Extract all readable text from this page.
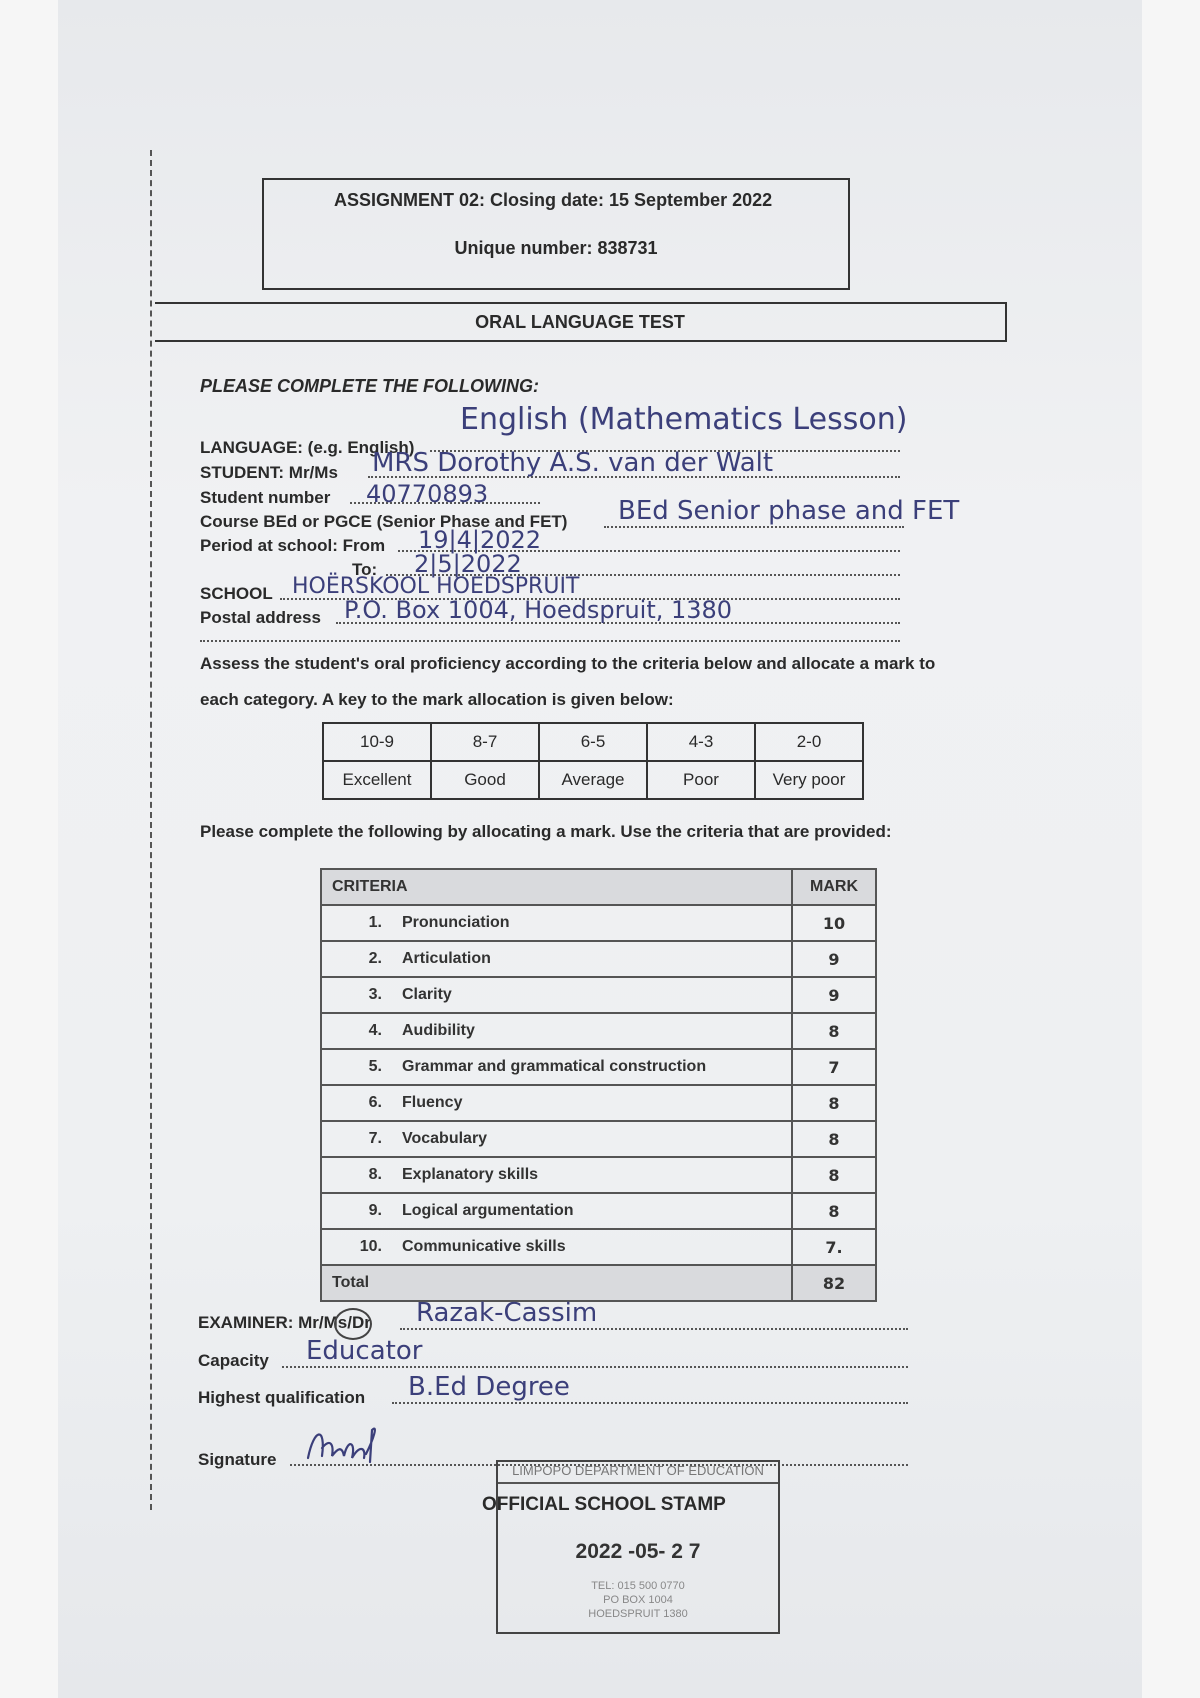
ASSIGNMENT 02: Closing date: 15 September 2022
Unique number: 838731
ORAL LANGUAGE TEST
PLEASE COMPLETE THE FOLLOWING:
LANGUAGE: (e.g. English)
English (Mathematics Lesson)
STUDENT: Mr/Ms MRS Dorothy A.S. van der Walt
Student number 40770893
Course BEd or PGCE (Senior Phase and FET) BEd Senior phase and FET
Period at school: From 19|4|2022
To: 2|5|2022
SCHOOL HOËRSKOOL HOEDSPRUIT
Postal address P.O. Box 1004, Hoedspruit, 1380
Assess the student's oral proficiency according to the criteria below and allocate a mark to
each category. A key to the mark allocation is given below:
10-9	8-7	6-5	4-3	2-0
Excellent	Good	Average	Poor	Very poor
Please complete the following by allocating a mark. Use the criteria that are provided:
CRITERIA	MARK
1. Pronunciation	10
2. Articulation	9
3. Clarity	9
4. Audibility	8
5. Grammar and grammatical construction	7
6. Fluency	8
7. Vocabulary	8
8. Explanatory skills	8
9. Logical argumentation	8
10. Communicative skills	7.
Total	82
EXAMINER: Mr/Ms/Dr Razak-Cassim
Capacity Educator
Highest qualification B.Ed Degree
Signature
LIMPOPO DEPARTMENT OF EDUCATION
OFFICIAL SCHOOL STAMP
2022 -05- 2 7
TEL: 015 500 0770
PO BOX 1004
HOEDSPRUIT 1380
